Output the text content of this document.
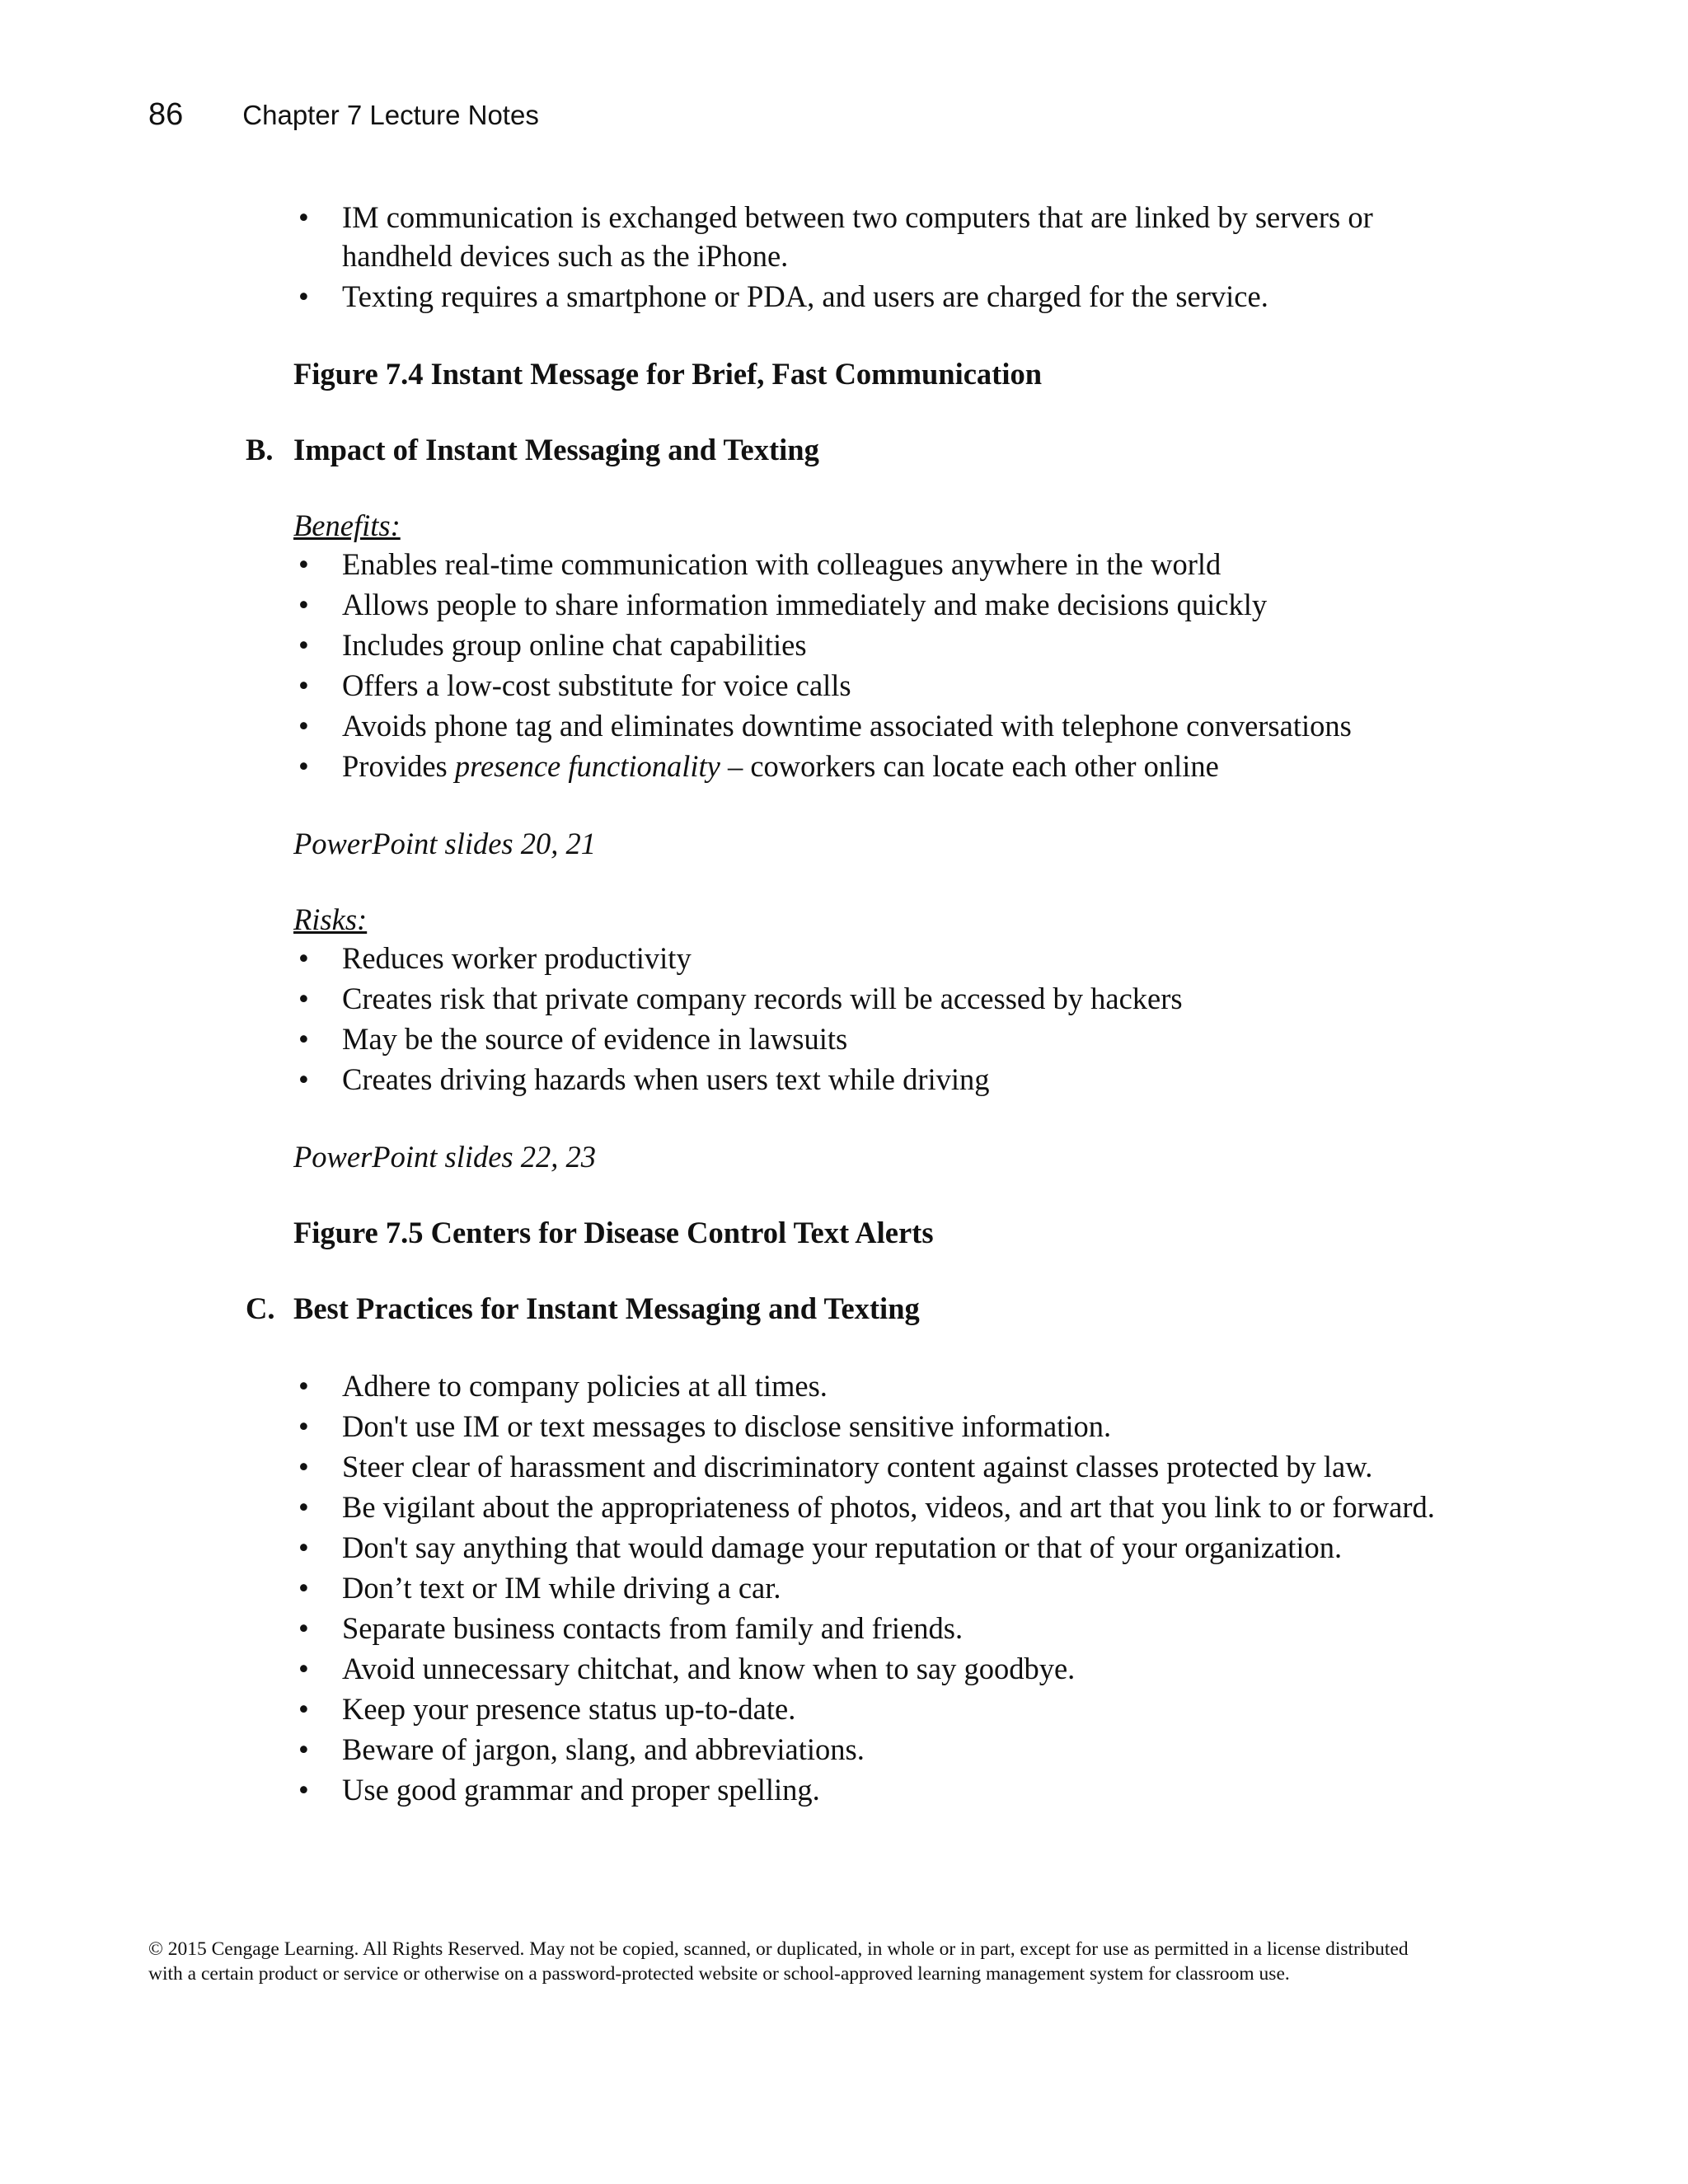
86 Chapter 7 Lecture Notes
• IM communication is exchanged between two computers that are linked by servers or handheld devices such as the iPhone.
• Texting requires a smartphone or PDA, and users are charged for the service.
Figure 7.4 Instant Message for Brief, Fast Communication
B. Impact of Instant Messaging and Texting
Benefits:
• Enables real-time communication with colleagues anywhere in the world
• Allows people to share information immediately and make decisions quickly
• Includes group online chat capabilities
• Offers a low-cost substitute for voice calls
• Avoids phone tag and eliminates downtime associated with telephone conversations
• Provides presence functionality – coworkers can locate each other online
PowerPoint slides 20, 21
Risks:
• Reduces worker productivity
• Creates risk that private company records will be accessed by hackers
• May be the source of evidence in lawsuits
• Creates driving hazards when users text while driving
PowerPoint slides 22, 23
Figure 7.5 Centers for Disease Control Text Alerts
C. Best Practices for Instant Messaging and Texting
• Adhere to company policies at all times.
• Don't use IM or text messages to disclose sensitive information.
• Steer clear of harassment and discriminatory content against classes protected by law.
• Be vigilant about the appropriateness of photos, videos, and art that you link to or forward.
• Don't say anything that would damage your reputation or that of your organization.
• Don’t text or IM while driving a car.
• Separate business contacts from family and friends.
• Avoid unnecessary chitchat, and know when to say goodbye.
• Keep your presence status up-to-date.
• Beware of jargon, slang, and abbreviations.
• Use good grammar and proper spelling.
© 2015 Cengage Learning. All Rights Reserved. May not be copied, scanned, or duplicated, in whole or in part, except for use as permitted in a license distributed with a certain product or service or otherwise on a password-protected website or school-approved learning management system for classroom use.
